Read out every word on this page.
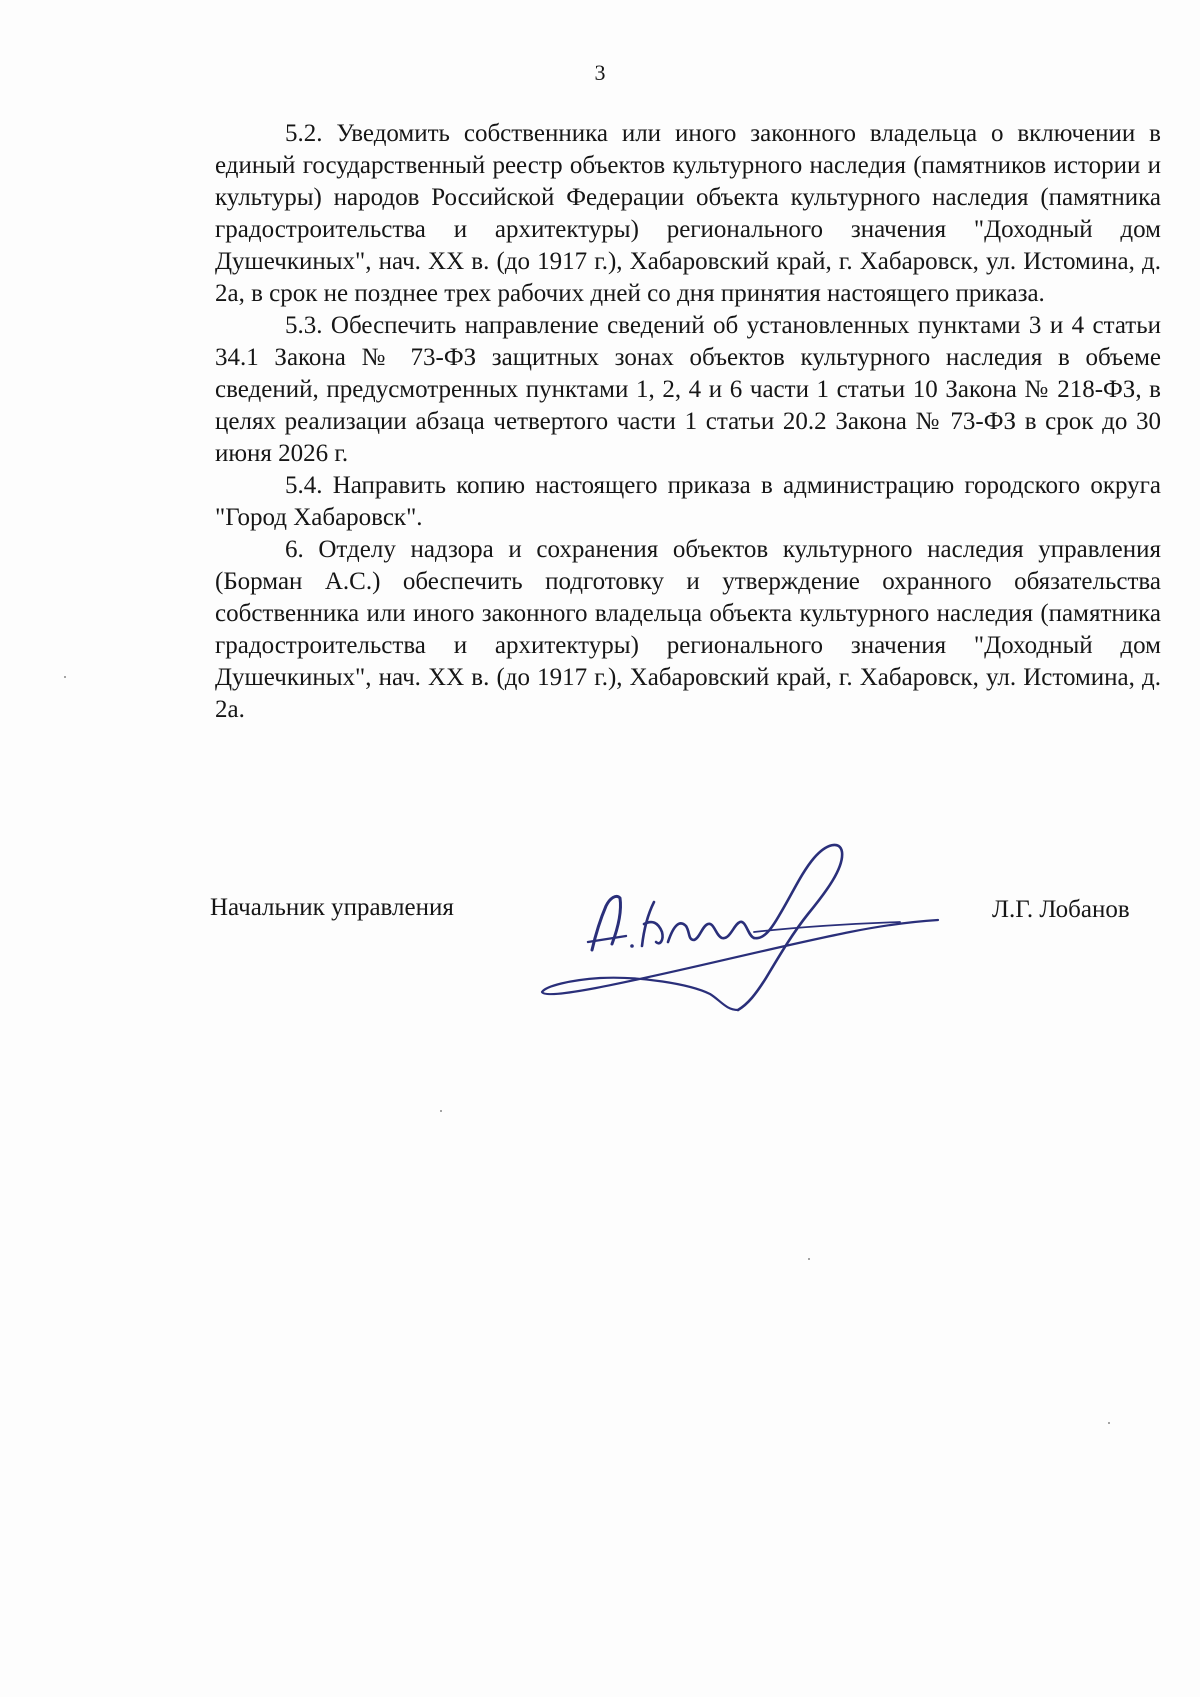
3

5.2. Уведомить собственника или иного законного владельца о включении в единый государственный реестр объектов культурного наследия (памятников истории и культуры) народов Российской Федерации объекта культурного наследия (памятника градостроительства и архитектуры) регионального значения "Доходный дом Душечкиных", нач. XX в. (до 1917 г.), Хабаровский край, г. Хабаровск, ул. Истомина, д. 2а, в срок не позднее трех рабочих дней со дня принятия настоящего приказа.

5.3. Обеспечить направление сведений об установленных пунктами 3 и 4 статьи 34.1 Закона № 73-ФЗ защитных зонах объектов культурного наследия в объеме сведений, предусмотренных пунктами 1, 2, 4 и 6 части 1 статьи 10 Закона № 218-ФЗ, в целях реализации абзаца четвертого части 1 статьи 20.2 Закона № 73-ФЗ в срок до 30 июня 2026 г.

5.4. Направить копию настоящего приказа в администрацию городского округа "Город Хабаровск".

6. Отделу надзора и сохранения объектов культурного наследия управления (Борман А.С.) обеспечить подготовку и утверждение охранного обязательства собственника или иного законного владельца объекта культурного наследия (памятника градостроительства и архитектуры) регионального значения "Доходный дом Душечкиных", нач. XX в. (до 1917 г.), Хабаровский край, г. Хабаровск, ул. Истомина, д. 2а.

Начальник управления	Л.Г. Лобанов
